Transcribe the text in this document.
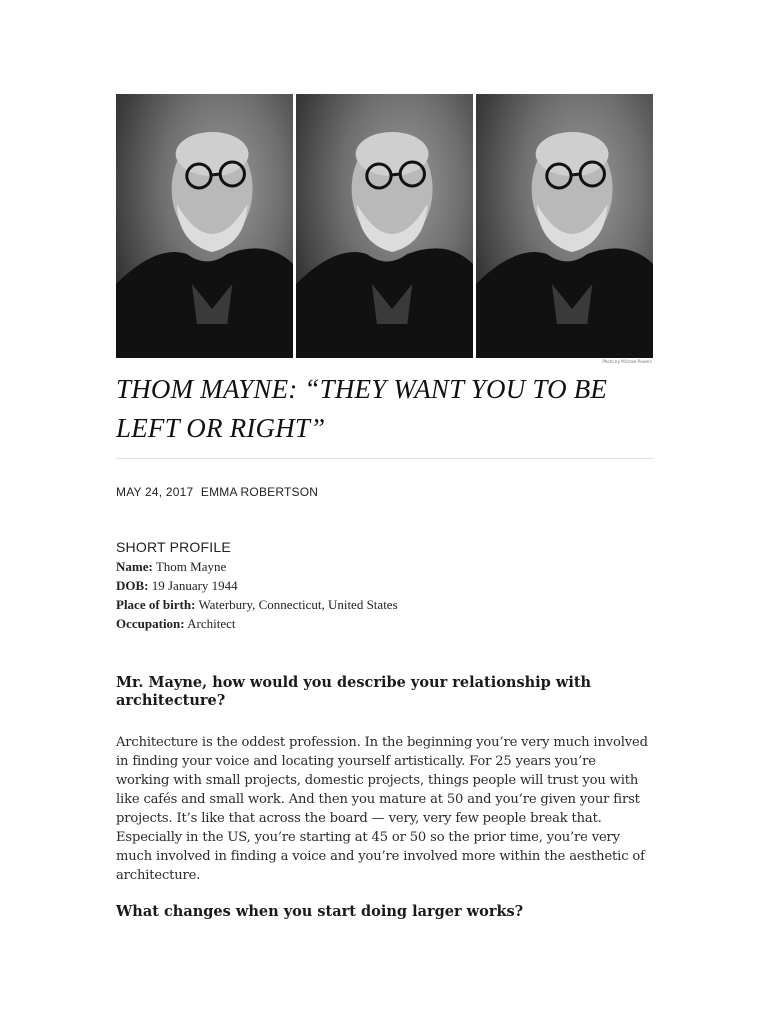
Photo by Michael Powers
THOM MAYNE: “THEY WANT YOU TO BE LEFT OR RIGHT”
MAY 24, 2017 EMMA ROBERTSON
SHORT PROFILE
Name: Thom Mayne
DOB: 19 January 1944
Place of birth: Waterbury, Connecticut, United States
Occupation: Architect
Mr. Mayne, how would you describe your relationship with architecture?

Architecture is the oddest profession. In the beginning you’re very much involved in finding your voice and locating yourself artistically. For 25 years you’re working with small projects, domestic projects, things people will trust you with like cafés and small work. And then you mature at 50 and you’re given your first projects. It’s like that across the board — very, very few people break that. Especially in the US, you’re starting at 45 or 50 so the prior time, you’re very much involved in finding a voice and you’re involved more within the aesthetic of architecture.

What changes when you start doing larger works?
